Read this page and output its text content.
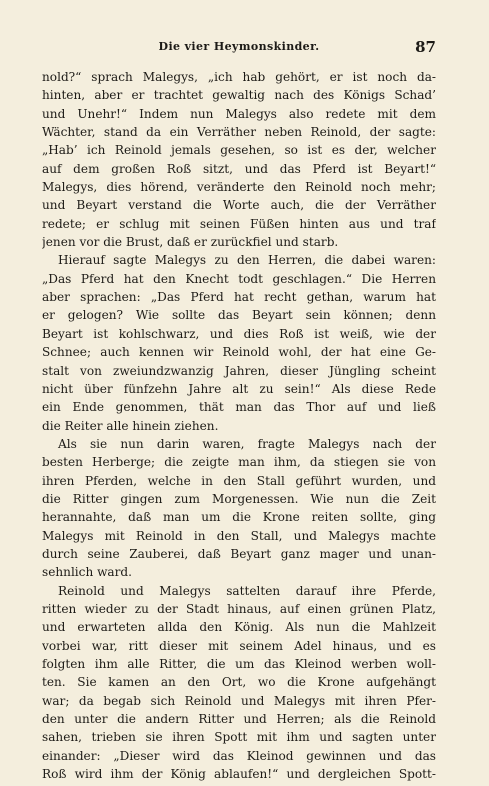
Die vier Heymonskinder.	87
nold?“ sprach Malegys, „ich hab gehört, er ist noch da-
hinten, aber er trachtet gewaltig nach des Königs Schad’
und Unehr!“ Indem nun Malegys also redete mit dem
Wächter, stand da ein Verräther neben Reinold, der sagte:
„Hab’ ich Reinold jemals gesehen, so ist es der, welcher
auf dem großen Roß sitzt, und das Pferd ist Beyart!“
Malegys, dies hörend, veränderte den Reinold noch mehr;
und Beyart verstand die Worte auch, die der Verräther
redete; er schlug mit seinen Füßen hinten aus und traf
jenen vor die Brust, daß er zurückfiel und starb.
Hierauf sagte Malegys zu den Herren, die dabei waren:
„Das Pferd hat den Knecht todt geschlagen.“ Die Herren
aber sprachen: „Das Pferd hat recht gethan, warum hat
er gelogen? Wie sollte das Beyart sein können; denn
Beyart ist kohlschwarz, und dies Roß ist weiß, wie der
Schnee; auch kennen wir Reinold wohl, der hat eine Ge-
stalt von zweiundzwanzig Jahren, dieser Jüngling scheint
nicht über fünfzehn Jahre alt zu sein!“ Als diese Rede
ein Ende genommen, thät man das Thor auf und ließ
die Reiter alle hinein ziehen.
Als sie nun darin waren, fragte Malegys nach der
besten Herberge; die zeigte man ihm, da stiegen sie von
ihren Pferden, welche in den Stall geführt wurden, und
die Ritter gingen zum Morgenessen. Wie nun die Zeit
herannahte, daß man um die Krone reiten sollte, ging
Malegys mit Reinold in den Stall, und Malegys machte
durch seine Zauberei, daß Beyart ganz mager und unan-
sehnlich ward.
Reinold und Malegys sattelten darauf ihre Pferde,
ritten wieder zu der Stadt hinaus, auf einen grünen Platz,
und erwarteten allda den König. Als nun die Mahlzeit
vorbei war, ritt dieser mit seinem Adel hinaus, und es
folgten ihm alle Ritter, die um das Kleinod werben woll-
ten. Sie kamen an den Ort, wo die Krone aufgehängt
war; da begab sich Reinold und Malegys mit ihren Pfer-
den unter die andern Ritter und Herren; als die Reinold
sahen, trieben sie ihren Spott mit ihm und sagten unter
einander: „Dieser wird das Kleinod gewinnen und das
Roß wird ihm der König ablaufen!“ und dergleichen Spott-
